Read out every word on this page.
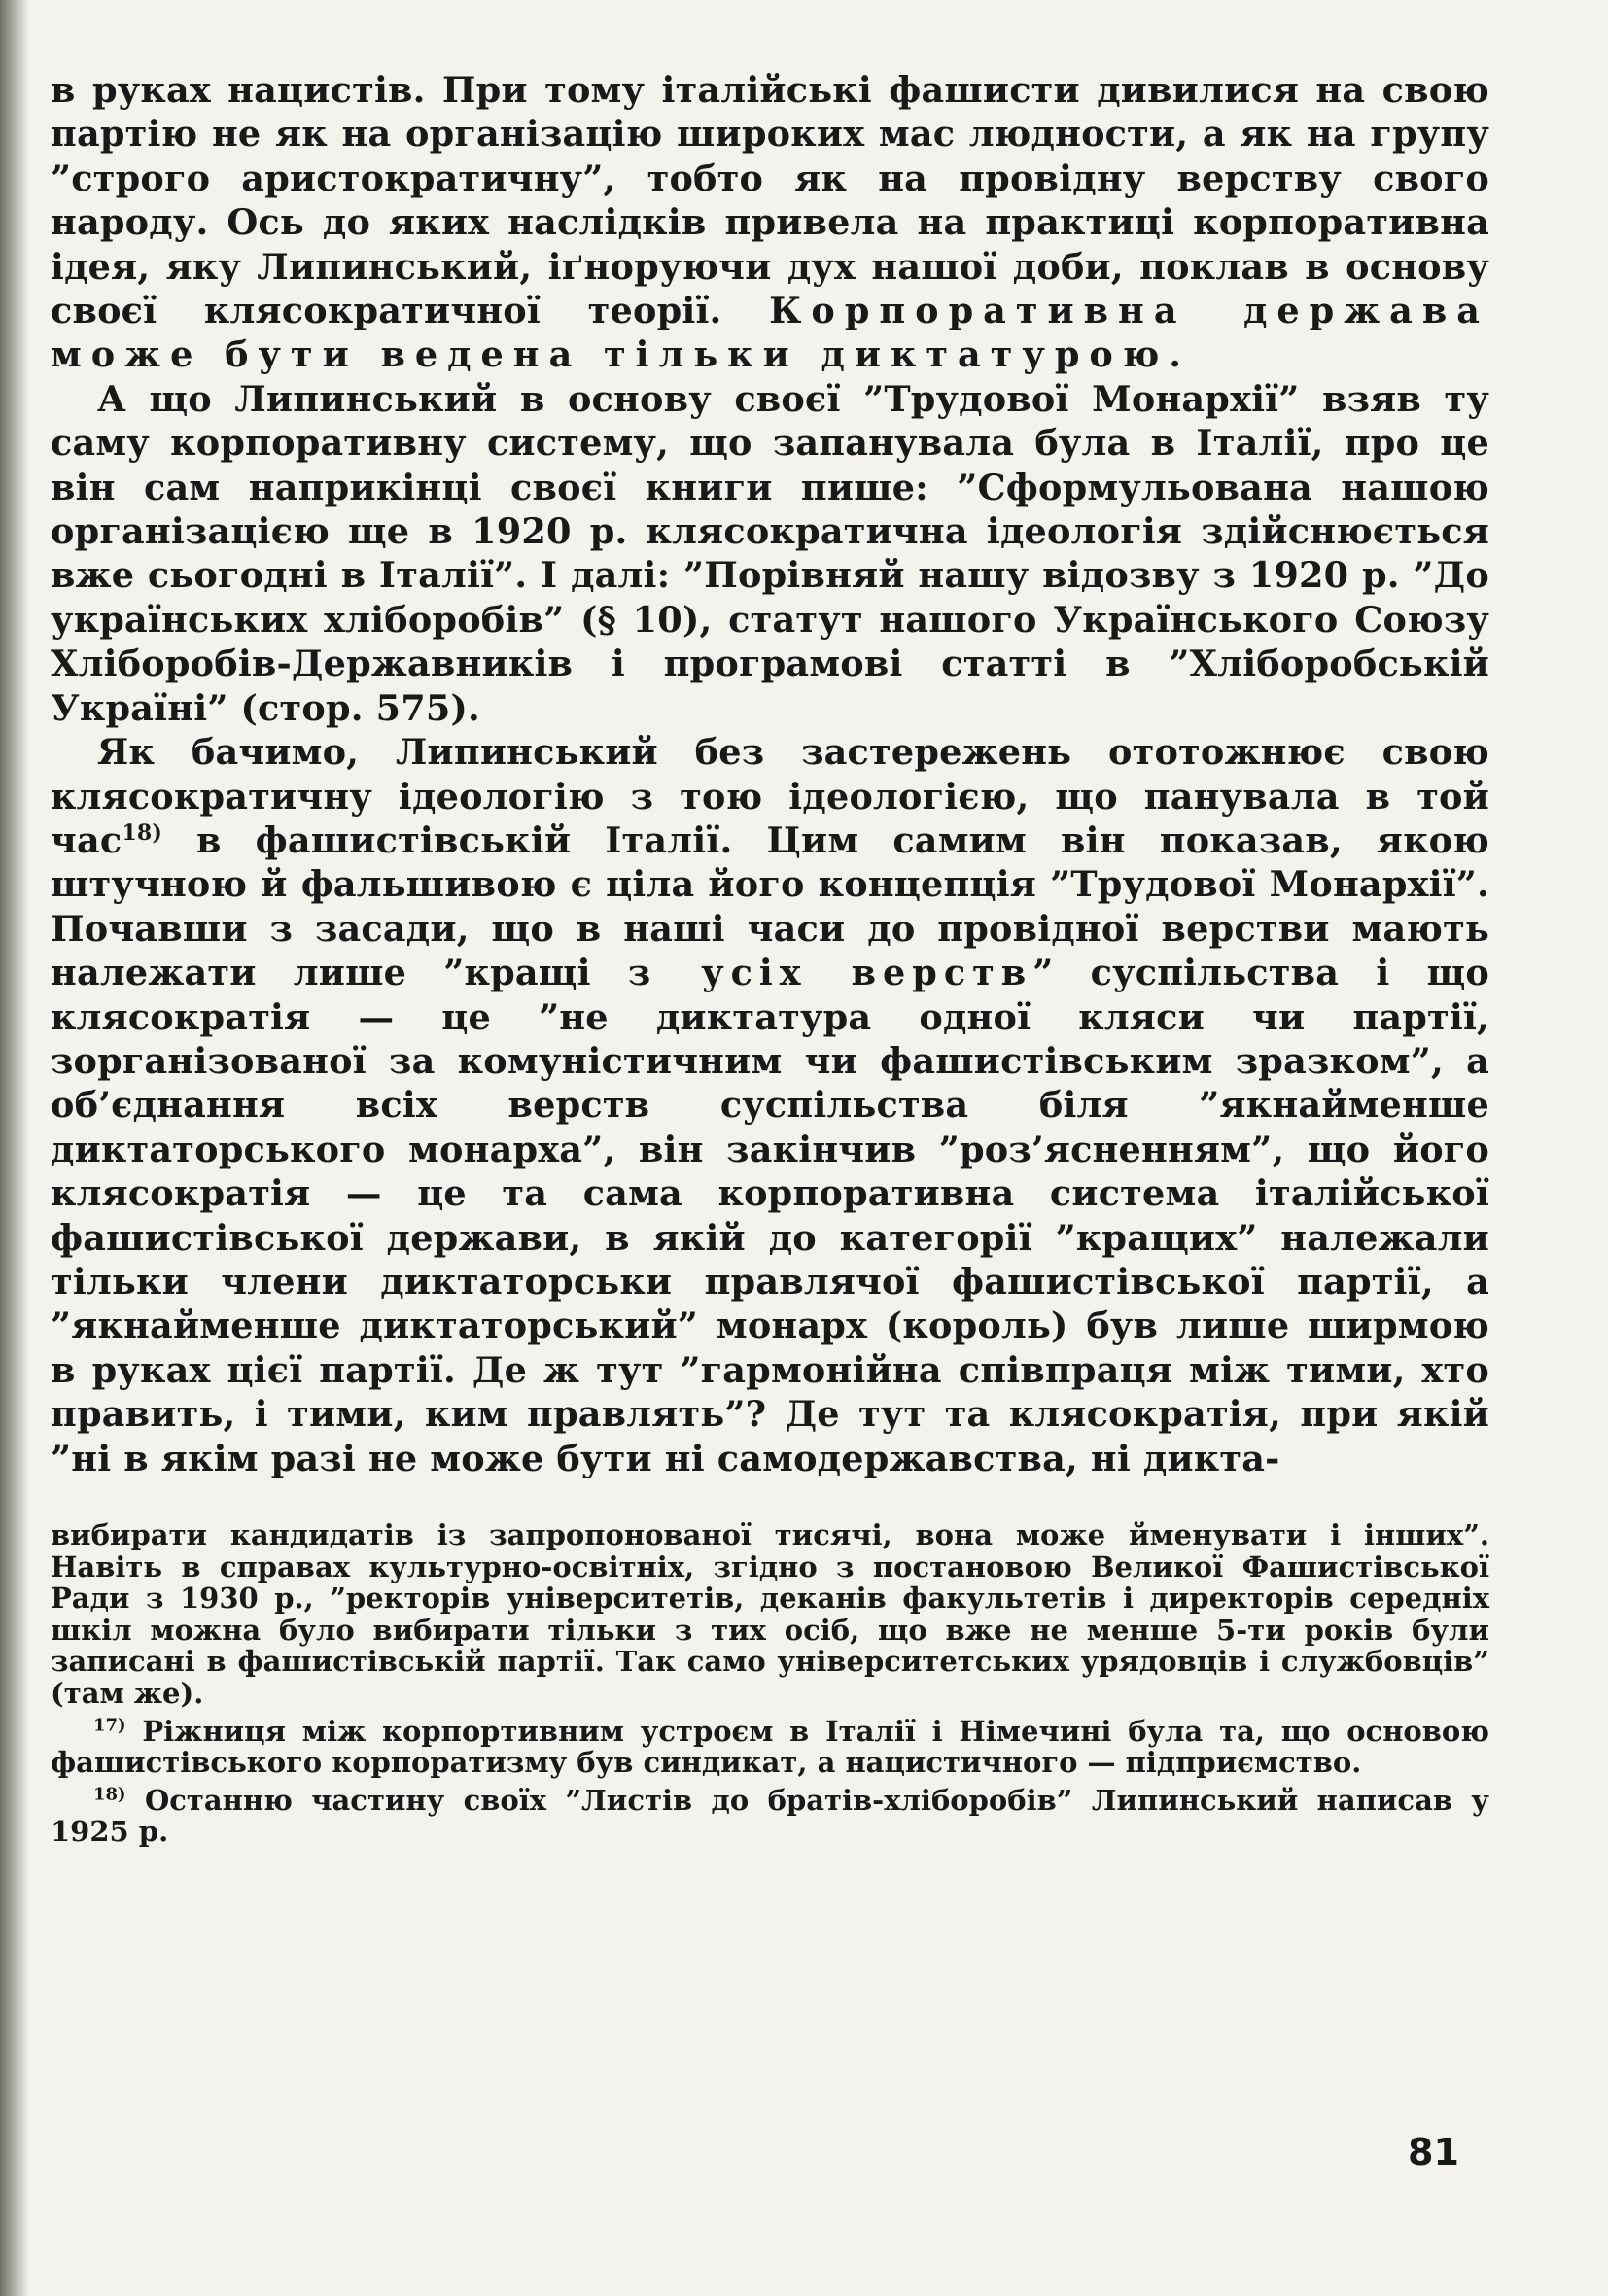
в руках нацистів. При тому італійські фашисти дивилися на свою партію не як на організацію широких мас людности, а як на групу ”строго аристократичну”, тобто як на провідну верству свого народу. Ось до яких наслідків привела на практиці корпоративна ідея, яку Липинський, іґноруючи дух нашої доби, поклав в основу своєї клясократичної теорії. Корпоративна держава може бути ведена тільки диктатурою.

А що Липинський в основу своєї ”Трудової Монархії” взяв ту саму корпоративну систему, що запанувала була в Італії, про це він сам наприкінці своєї книги пише: ”Сформульована нашою організацією ще в 1920 р. клясократична ідеологія здійснюється вже сьогодні в Італії”. І далі: ”Порівняй нашу відозву з 1920 р. ”До українських хліборобів” (§ 10), статут нашого Українського Союзу Хліборобів-Державників і програмові статті в ”Хліборобській Україні” (стор. 575).

Як бачимо, Липинський без застережень ототожнює свою клясократичну ідеологію з тою ідеологією, що панувала в той час$^{18)}$ в фашистівській Італії. Цим самим він показав, якою штучною й фальшивою є ціла його концепція ”Трудової Монархії”. Почавши з засади, що в наші часи до провідної верстви мають належати лише ”кращі з усіх верств” суспільства і що клясократія — це ”не диктатура одної кляси чи партії, зорганізованої за комуністичним чи фашистівським зразком”, а об’єднання всіх верств суспільства біля ”якнайменше диктаторського монарха”, він закінчив ”роз’ясненням”, що його клясократія — це та сама корпоративна система італійської фашистівської держави, в якій до категорії ”кращих” належали тільки члени диктаторськи правлячої фашистівської партії, а ”якнайменше диктаторський” монарх (король) був лише ширмою в руках цієї партії. Де ж тут ”гармонійна співпраця між тими, хто править, і тими, ким правлять”? Де тут та клясократія, при якій ”ні в якім разі не може бути ні самодержавства, ні дикта-

вибирати кандидатів із запропонованої тисячі, вона може йменувати і інших”. Навіть в справах культурно-освітніх, згідно з постановою Великої Фашистівської Ради з 1930 р., ”ректорів університетів, деканів факультетів і директорів середніх шкіл можна було вибирати тільки з тих осіб, що вже не менше 5-ти років були записані в фашистівській партії. Так само університетських урядовців і службовців” (там же).

$^{17)}$ Ріжниця між корпортивним устроєм в Італії і Німечині була та, що основою фашистівського корпоратизму був синдикат, а нацистичного — підприємство.

$^{18)}$ Останню частину своїх ”Листів до братів-хліборобів” Липинський написав у 1925 р.

81
